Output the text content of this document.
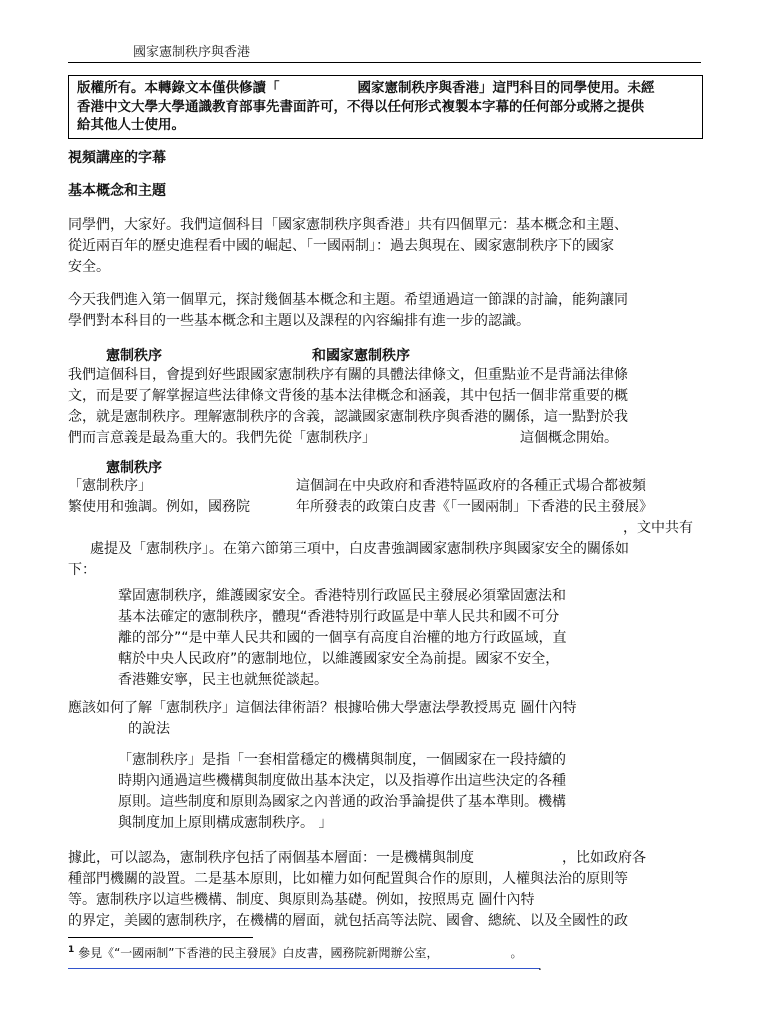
國家憲制秩序與香港
版權所有。本轉錄文本僅供修讀「	國家憲制秩序與香港」這門科目的同學使用。未經
香港中文大學大學通識教育部事先書面許可，不得以任何形式複製本字幕的任何部分或將之提供
給其他人士使用。
視頻講座的字幕
基本概念和主題
同學們，大家好。我們這個科目「國家憲制秩序與香港」共有四個單元：基本概念和主題、
從近兩百年的歷史進程看中國的崛起、「一國兩制」：過去與現在、國家憲制秩序下的國家
安全。
今天我們進入第一個單元，探討幾個基本概念和主題。希望通過這一節課的討論，能夠讓同
學們對本科目的一些基本概念和主題以及課程的內容編排有進一步的認識。
憲制秩序	和國家憲制秩序
我們這個科目，會提到好些跟國家憲制秩序有關的具體法律條文，但重點並不是背誦法律條
文，而是要了解掌握這些法律條文背後的基本法律概念和涵義，其中包括一個非常重要的概
念，就是憲制秩序。理解憲制秩序的含義，認識國家憲制秩序與香港的關係，這一點對於我
們而言意義是最為重大的。我們先從「憲制秩序」	這個概念開始。
憲制秩序
「憲制秩序」	這個詞在中央政府和香港特區政府的各種正式場合都被頻
繁使用和強調。例如，國務院	年所發表的政策白皮書《「一國兩制」下香港的民主發展》
，文中共有
處提及「憲制秩序」。在第六節第三項中，白皮書強調國家憲制秩序與國家安全的關係如
下：
鞏固憲制秩序，維護國家安全。香港特別行政區民主發展必須鞏固憲法和
基本法確定的憲制秩序，體現“香港特別行政區是中華人民共和國不可分
離的部分”“是中華人民共和國的一個享有高度自治權的地方行政區域，直
轄於中央人民政府”的憲制地位，以維護國家安全為前提。國家不安全，
香港難安寧，民主也就無從談起。
應該如何了解「憲制秩序」這個法律術語？根據哈佛大學憲法學教授馬克 圖什內特
的說法
「憲制秩序」是指「一套相當穩定的機構與制度，一個國家在一段持續的
時期內通過這些機構與制度做出基本決定，以及指導作出這些決定的各種
原則。這些制度和原則為國家之內普通的政治爭論提供了基本準則。機構
與制度加上原則構成憲制秩序。 」
據此，可以認為，憲制秩序包括了兩個基本層面：一是機構與制度	，比如政府各
種部門機關的設置。二是基本原則，比如權力如何配置與合作的原則，人權與法治的原則等
等。憲制秩序以這些機構、制度、與原則為基礎。例如，按照馬克 圖什內特
的界定，美國的憲制秩序，在機構的層面，就包括高等法院、國會、總統、以及全國性的政
$^1$ 參見《“一國兩制”下香港的民主發展》白皮書，國務院新聞辦公室，	。
.
